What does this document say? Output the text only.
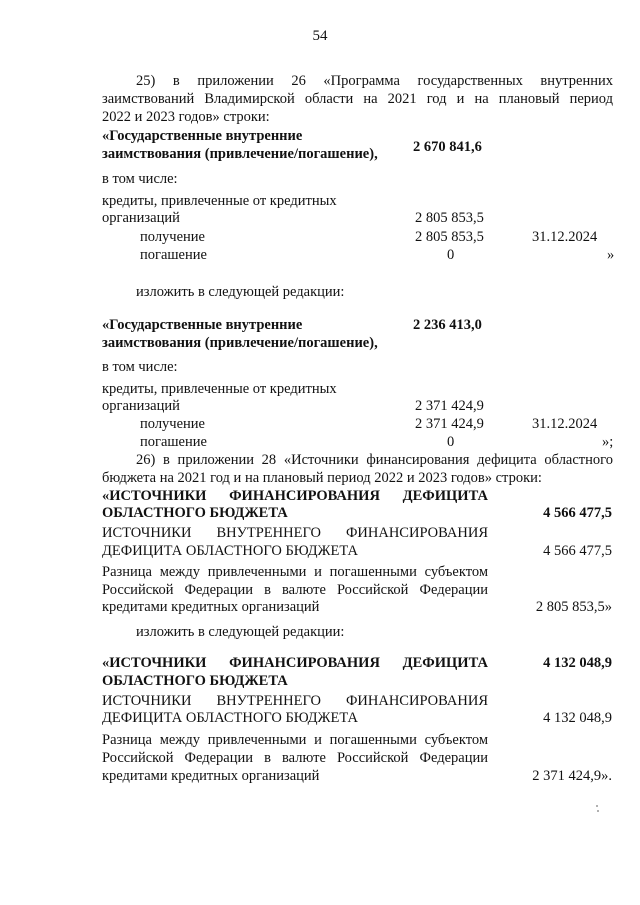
54
25) в приложении 26 «Программа государственных внутренних
заимствований Владимирской области на 2021 год и на плановый период
2022 и 2023 годов» строки:
«Государственные внутренние
заимствования (привлечение/погашение), 2 670 841,6
в том числе:
кредиты, привлеченные от кредитных
организаций	2 805 853,5
получение	2 805 853,5	31.12.2024
погашение	0	»
изложить в следующей редакции:
«Государственные внутренние
заимствования (привлечение/погашение),
2 236 413,0
в том числе:
кредиты, привлеченные от кредитных
организаций	2 371 424,9
получение	2 371 424,9	31.12.2024
погашение	0	»;
26) в приложении 28 «Источники финансирования дефицита областного
бюджета на 2021 год и на плановый период 2022 и 2023 годов» строки:
«ИСТОЧНИКИ ФИНАНСИРОВАНИЯ ДЕФИЦИТА
ОБЛАСТНОГО БЮДЖЕТА	4 566 477,5
ИСТОЧНИКИ ВНУТРЕННЕГО ФИНАНСИРОВАНИЯ
ДЕФИЦИТА ОБЛАСТНОГО БЮДЖЕТА	4 566 477,5
Разница между привлеченными и погашенными субъектом
Российской Федерации в валюте Российской Федерации
кредитами кредитных организаций	2 805 853,5»
изложить в следующей редакции:
«ИСТОЧНИКИ ФИНАНСИРОВАНИЯ ДЕФИЦИТА
ОБЛАСТНОГО БЮДЖЕТА
4 132 048,9
ИСТОЧНИКИ ВНУТРЕННЕГО ФИНАНСИРОВАНИЯ
ДЕФИЦИТА ОБЛАСТНОГО БЮДЖЕТА	4 132 048,9
Разница между привлеченными и погашенными субъектом
Российской Федерации в валюте Российской Федерации
кредитами кредитных организаций	2 371 424,9».
